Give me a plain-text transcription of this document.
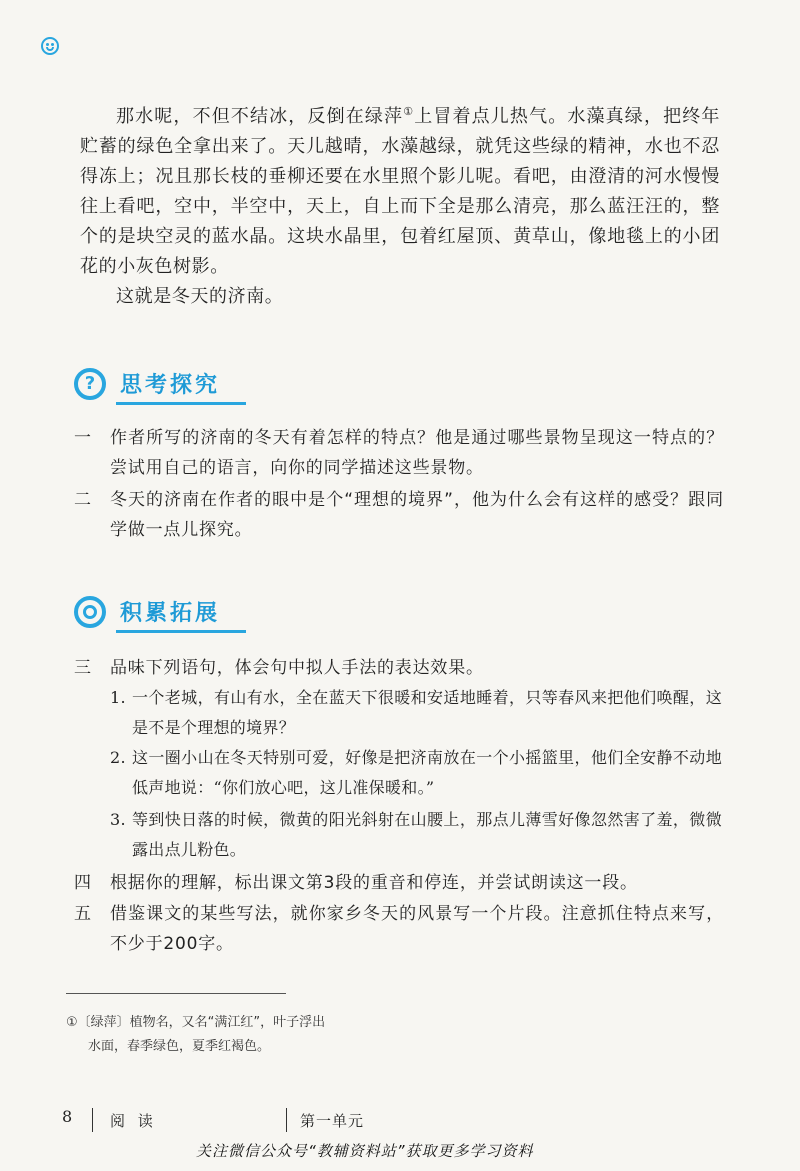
那水呢，不但不结冰，反倒在绿萍①上冒着点儿热气。水藻真绿，把终年贮蓄的绿色全拿出来了。天儿越晴，水藻越绿，就凭这些绿的精神，水也不忍得冻上；况且那长枝的垂柳还要在水里照个影儿呢。看吧，由澄清的河水慢慢往上看吧，空中，半空中，天上，自上而下全是那么清亮，那么蓝汪汪的，整个的是块空灵的蓝水晶。这块水晶里，包着红屋顶、黄草山，像地毯上的小团花的小灰色树影。

这就是冬天的济南。

?	思考探究
一 作者所写的济南的冬天有着怎样的特点？他是通过哪些景物呈现这一特点的？尝试用自己的语言，向你的同学描述这些景物。
二 冬天的济南在作者的眼中是个“理想的境界”，他为什么会有这样的感受？跟同学做一点儿探究。
积累拓展
三 品味下列语句，体会句中拟人手法的表达效果。
1. 一个老城，有山有水，全在蓝天下很暖和安适地睡着，只等春风来把他们唤醒，这是不是个理想的境界？
2. 这一圈小山在冬天特别可爱，好像是把济南放在一个小摇篮里，他们全安静不动地低声地说：“你们放心吧，这儿准保暖和。”
3. 等到快日落的时候，微黄的阳光斜射在山腰上，那点儿薄雪好像忽然害了羞，微微露出点儿粉色。
四 根据你的理解，标出课文第3段的重音和停连，并尝试朗读这一段。
五 借鉴课文的某些写法，就你家乡冬天的风景写一个片段。注意抓住特点来写，不少于200字。
①〔绿萍〕植物名，又名“满江红”，叶子浮出
水面，春季绿色，夏季红褐色。
8	阅 读	第一单元
关注微信公众号“教辅资料站”获取更多学习资料
